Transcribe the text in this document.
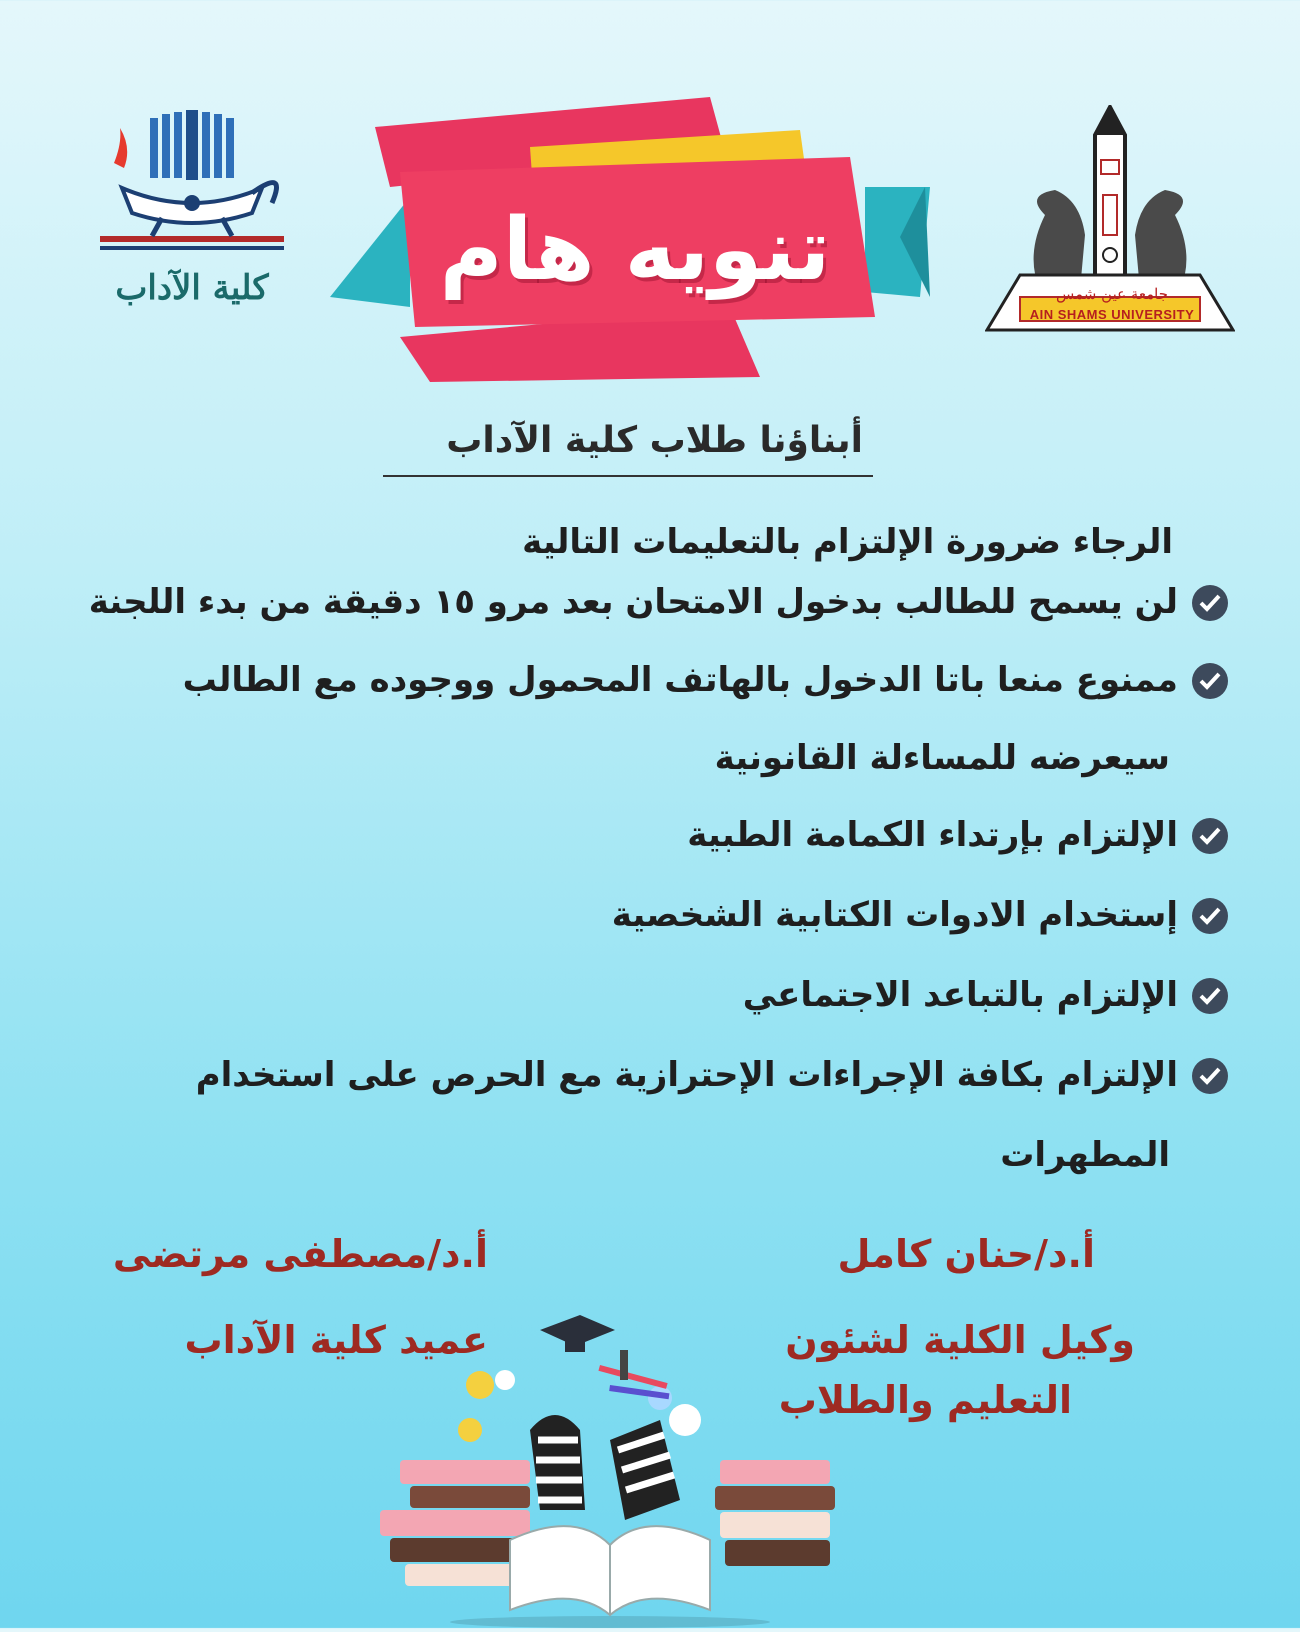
تنويه هام
كلية الآداب	جامعة عين شمس
AIN SHAMS UNIVERSITY
أبناؤنا طلاب كلية الآداب
الرجاء ضرورة الإلتزام بالتعليمات التالية
لن يسمح للطالب بدخول الامتحان بعد مرو ١٥ دقيقة من بدء اللجنة
ممنوع منعا باتا الدخول بالهاتف المحمول ووجوده مع الطالب
سيعرضه للمساءلة القانونية
الإلتزام بإرتداء الكمامة الطبية
إستخدام الادوات الكتابية الشخصية
الإلتزام بالتباعد الاجتماعي
الإلتزام بكافة الإجراءات الإحترازية مع الحرص على استخدام
المطهرات
أ.د/حنان كامل
وكيل الكلية لشئون
التعليم والطلاب
أ.د/مصطفى مرتضى
عميد كلية الآداب
